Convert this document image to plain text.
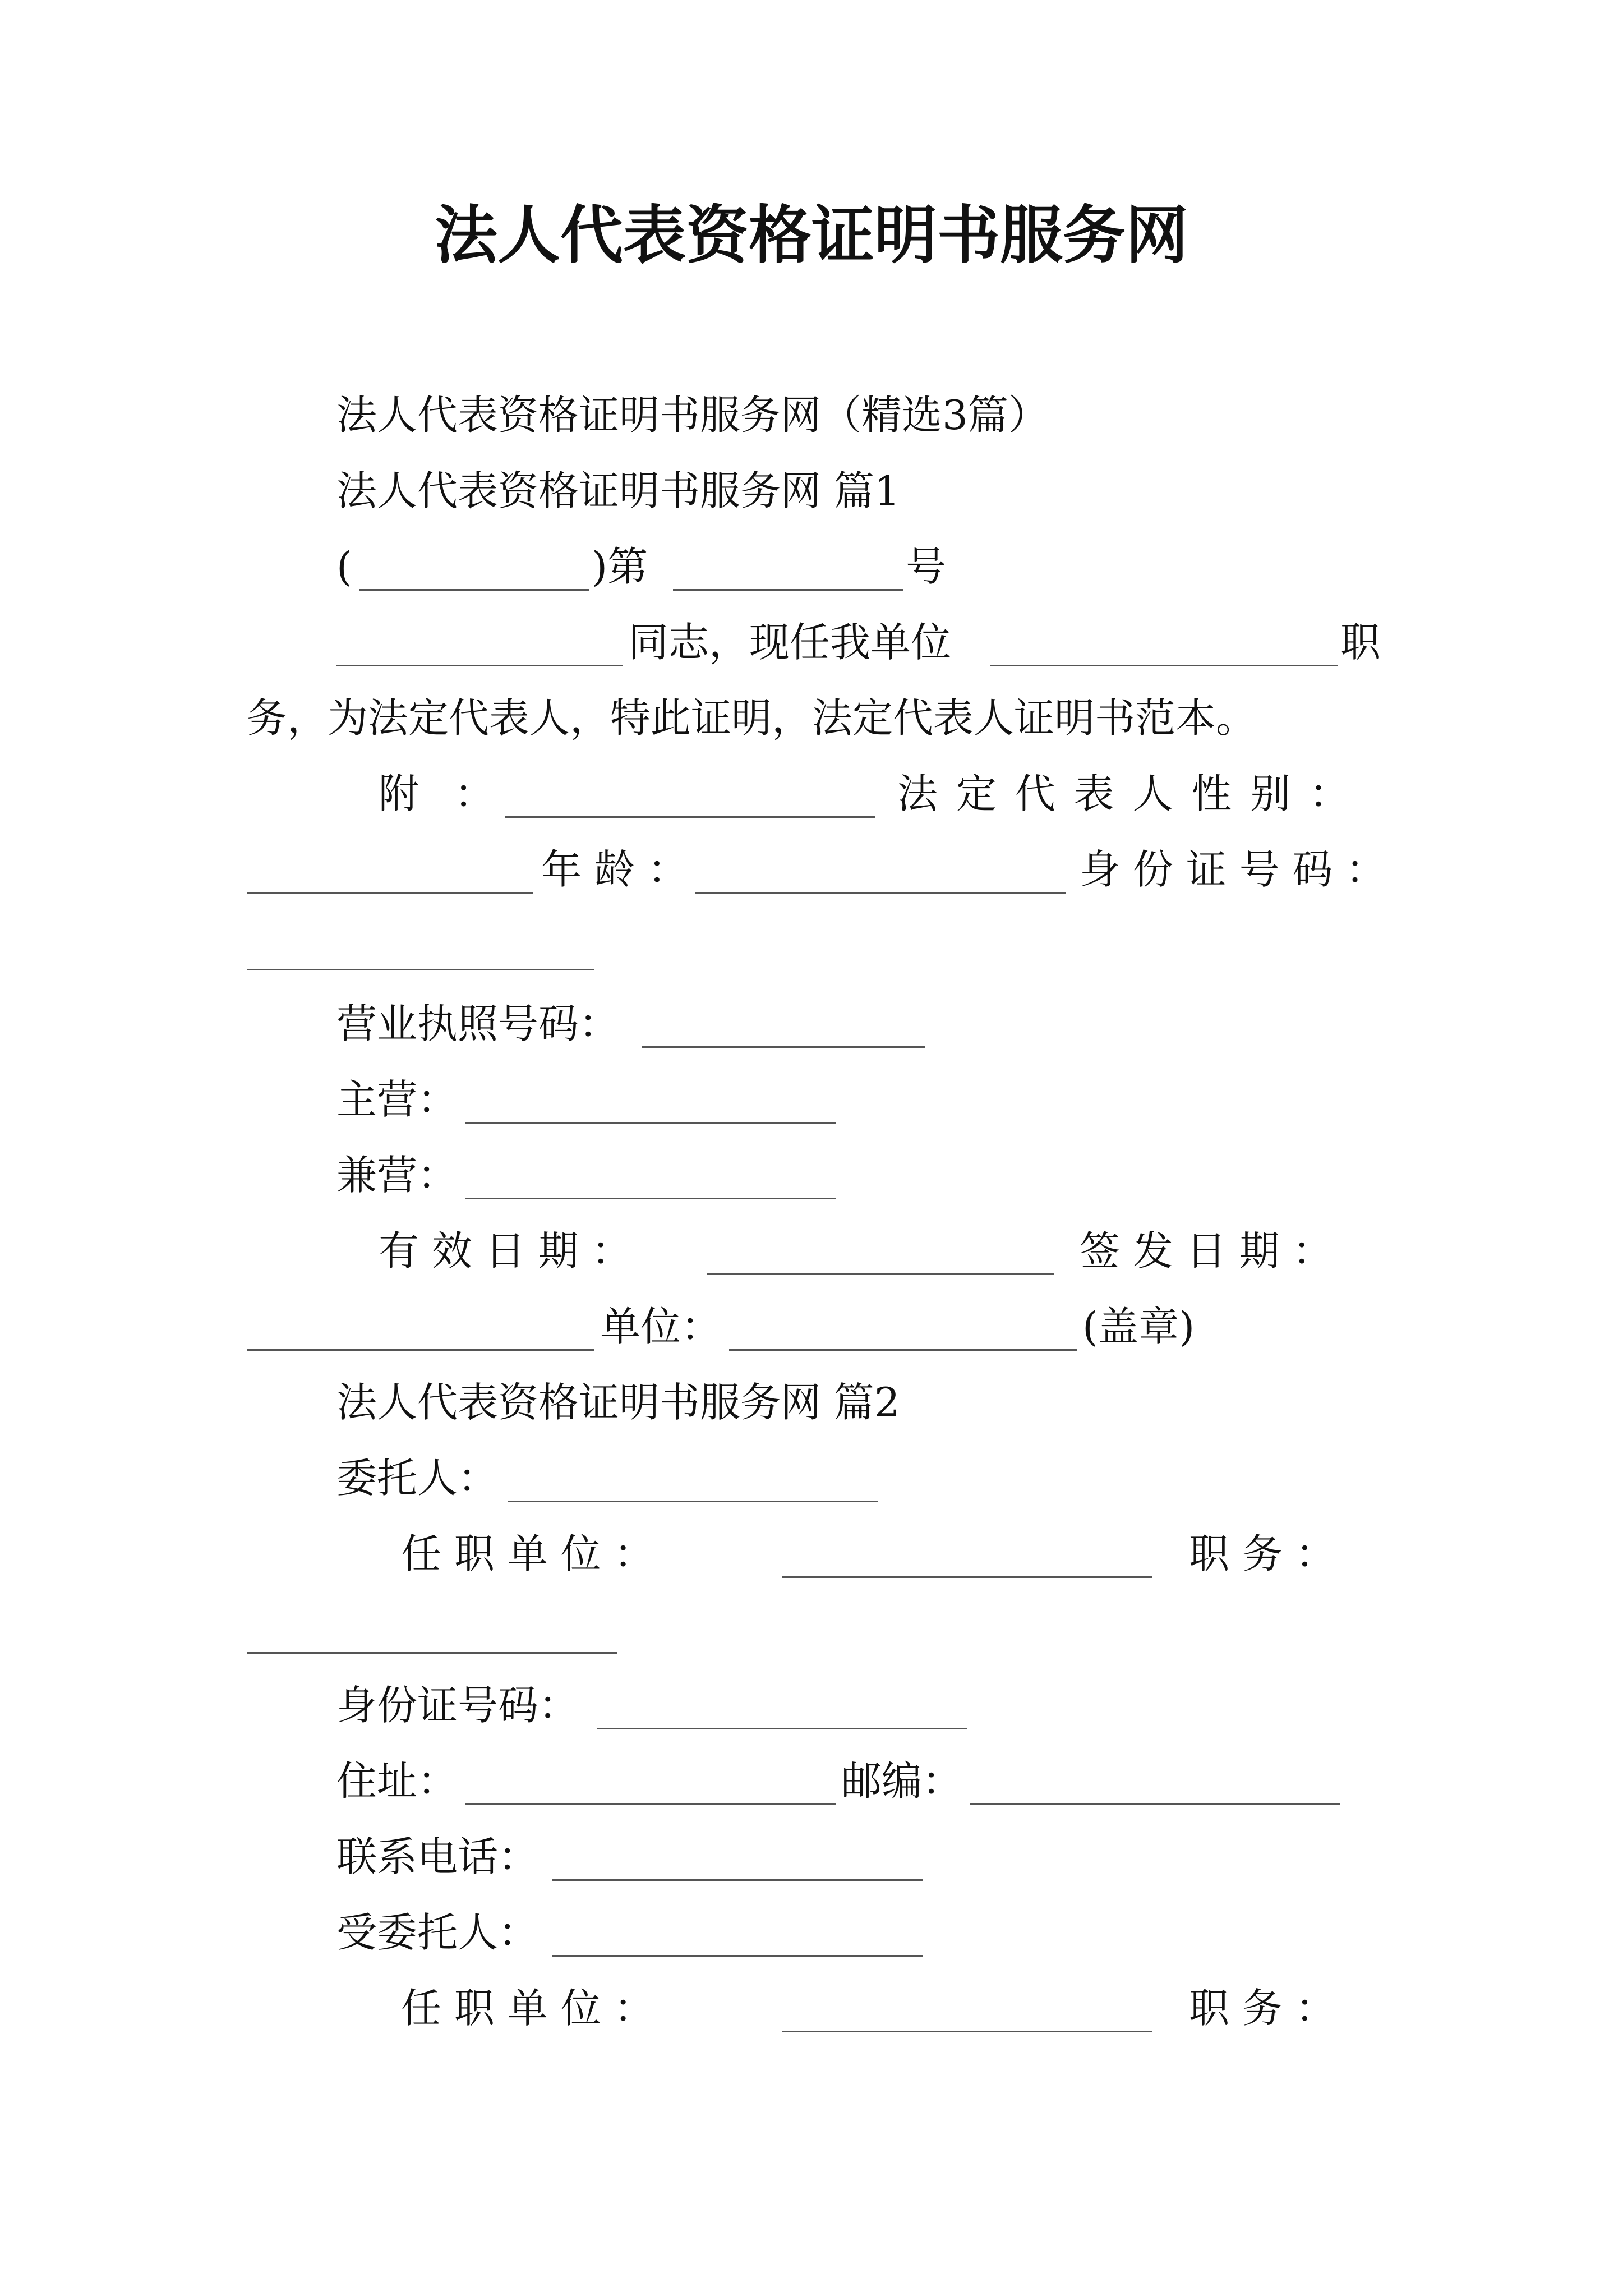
法人代表资格证明书服务网
法人代表资格证明书服务网（精选3篇）
法人代表资格证明书服务网 篇1
(	)第	号
同志，现任我单位	职
务，为法定代表人，特此证明，法定代表人证明书范本。
附 ：	法 定 代 表 人 性 别 ：
年 龄 ：	身 份 证 号 码 ：
营业执照号码：
主营：
兼营：
有 效 日 期 ：	签 发 日 期 ：
单位：	(盖章)
法人代表资格证明书服务网 篇2
委托人：
任 职 单 位 ：	职 务 ：
身份证号码：
住址：	邮编：
联系电话：
受委托人：
任 职 单 位 ：	职 务 ：
